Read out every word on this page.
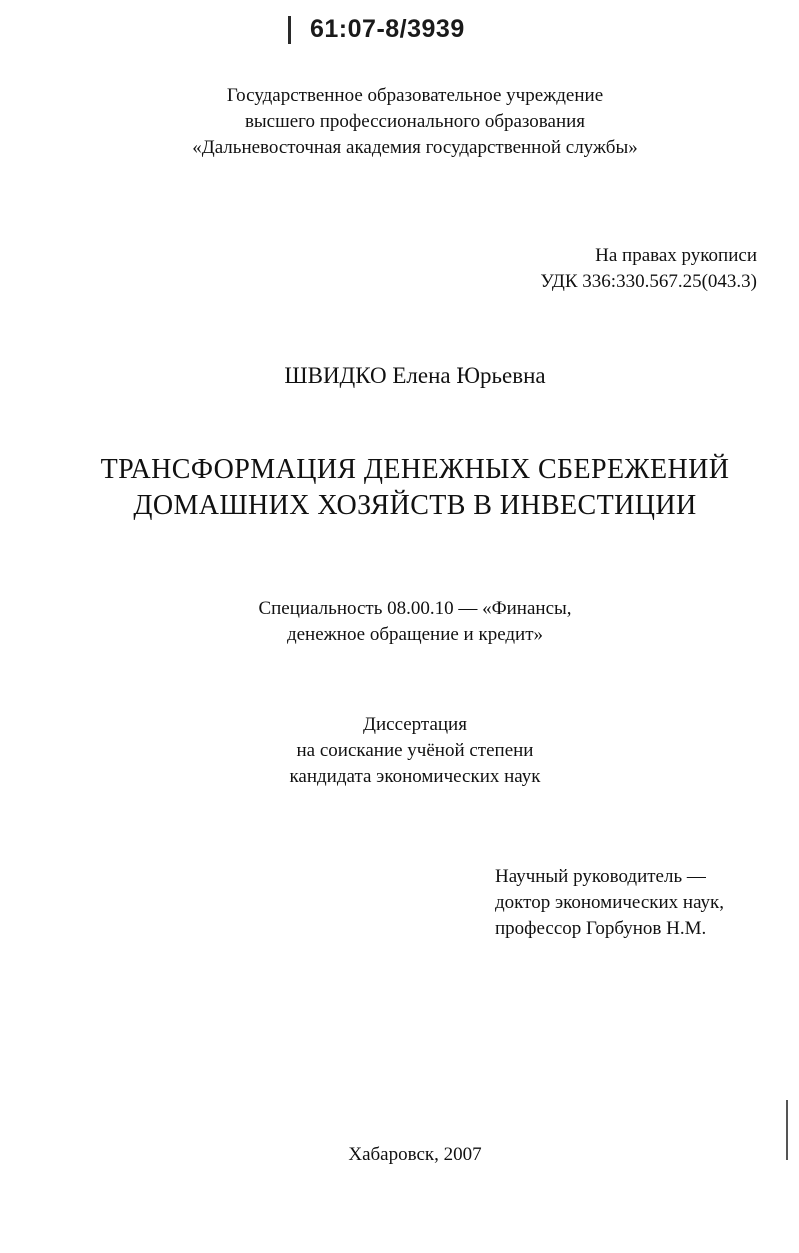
61:07-8/3939
Государственное образовательное учреждение
высшего профессионального образования
«Дальневосточная академия государственной службы»
На правах рукописи
УДК 336:330.567.25(043.3)
ШВИДКО Елена Юрьевна
ТРАНСФОРМАЦИЯ ДЕНЕЖНЫХ СБЕРЕЖЕНИЙ
ДОМАШНИХ ХОЗЯЙСТВ В ИНВЕСТИЦИИ
Специальность 08.00.10 — «Финансы,
денежное обращение и кредит»
Диссертация
на соискание учёной степени
кандидата экономических наук
Научный руководитель —
доктор экономических наук,
профессор Горбунов Н.М.
Хабаровск, 2007
